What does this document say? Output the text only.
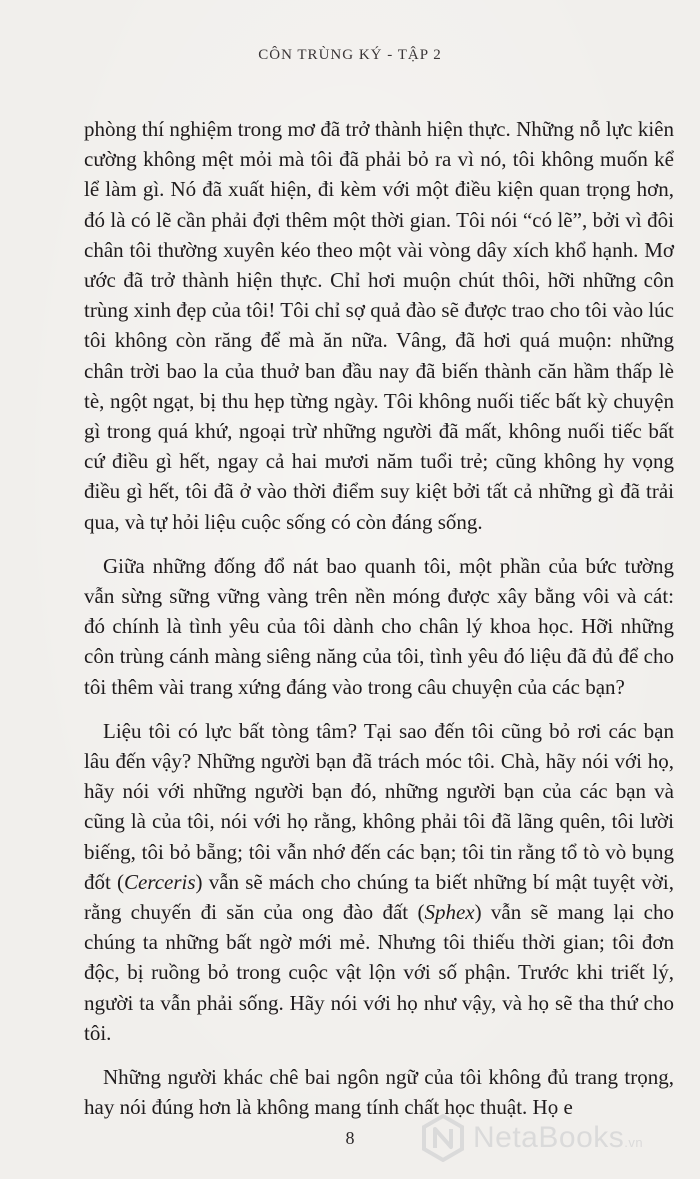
CÔN TRÙNG KÝ - TẬP 2

phòng thí nghiệm trong mơ đã trở thành hiện thực. Những nỗ lực kiên cường không mệt mỏi mà tôi đã phải bỏ ra vì nó, tôi không muốn kể lể làm gì. Nó đã xuất hiện, đi kèm với một điều kiện quan trọng hơn, đó là có lẽ cần phải đợi thêm một thời gian. Tôi nói “có lẽ”, bởi vì đôi chân tôi thường xuyên kéo theo một vài vòng dây xích khổ hạnh. Mơ ước đã trở thành hiện thực. Chỉ hơi muộn chút thôi, hỡi những côn trùng xinh đẹp của tôi! Tôi chỉ sợ quả đào sẽ được trao cho tôi vào lúc tôi không còn răng để mà ăn nữa. Vâng, đã hơi quá muộn: những chân trời bao la của thuở ban đầu nay đã biến thành căn hầm thấp lè tè, ngột ngạt, bị thu hẹp từng ngày. Tôi không nuối tiếc bất kỳ chuyện gì trong quá khứ, ngoại trừ những người đã mất, không nuối tiếc bất cứ điều gì hết, ngay cả hai mươi năm tuổi trẻ; cũng không hy vọng điều gì hết, tôi đã ở vào thời điểm suy kiệt bởi tất cả những gì đã trải qua, và tự hỏi liệu cuộc sống có còn đáng sống.

Giữa những đống đổ nát bao quanh tôi, một phần của bức tường vẫn sừng sững vững vàng trên nền móng được xây bằng vôi và cát: đó chính là tình yêu của tôi dành cho chân lý khoa học. Hỡi những côn trùng cánh màng siêng năng của tôi, tình yêu đó liệu đã đủ để cho tôi thêm vài trang xứng đáng vào trong câu chuyện của các bạn?

Liệu tôi có lực bất tòng tâm? Tại sao đến tôi cũng bỏ rơi các bạn lâu đến vậy? Những người bạn đã trách móc tôi. Chà, hãy nói với họ, hãy nói với những người bạn đó, những người bạn của các bạn và cũng là của tôi, nói với họ rằng, không phải tôi đã lãng quên, tôi lười biếng, tôi bỏ bẵng; tôi vẫn nhớ đến các bạn; tôi tin rằng tổ tò vò bụng đốt (Cerceris) vẫn sẽ mách cho chúng ta biết những bí mật tuyệt vời, rằng chuyến đi săn của ong đào đất (Sphex) vẫn sẽ mang lại cho chúng ta những bất ngờ mới mẻ. Nhưng tôi thiếu thời gian; tôi đơn độc, bị ruồng bỏ trong cuộc vật lộn với số phận. Trước khi triết lý, người ta vẫn phải sống. Hãy nói với họ như vậy, và họ sẽ tha thứ cho tôi.

Những người khác chê bai ngôn ngữ của tôi không đủ trang trọng, hay nói đúng hơn là không mang tính chất học thuật. Họ e

8	NetaBooks.vn
